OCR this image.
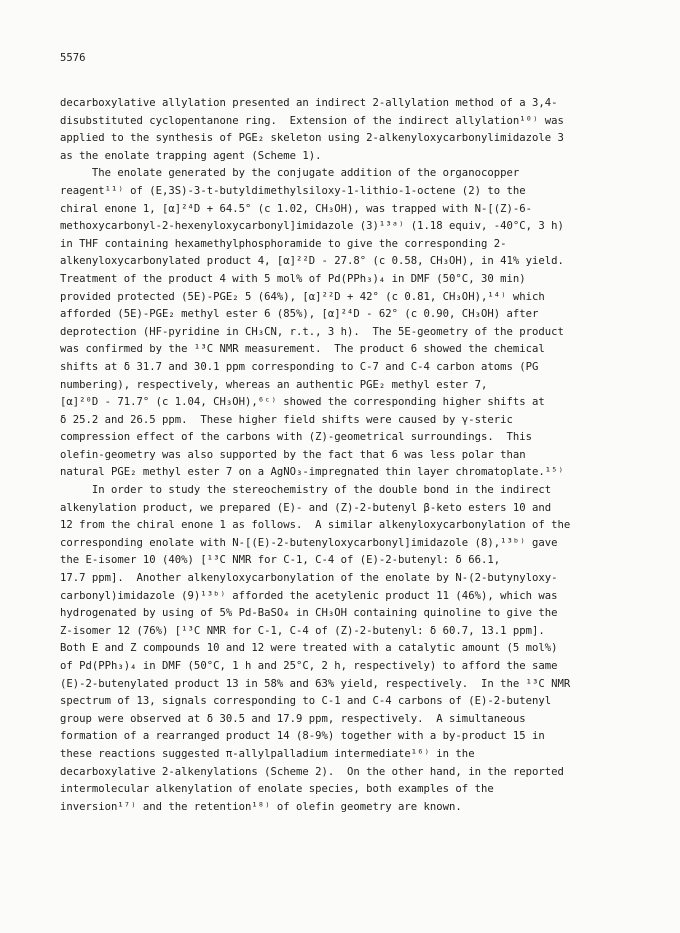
5576
decarboxylative allylation presented an indirect 2-allylation method of a 3,4-
disubstituted cyclopentanone ring.  Extension of the indirect allylation¹⁰⁾ was
applied to the synthesis of PGE₂ skeleton using 2-alkenyloxycarbonylimidazole 3
as the enolate trapping agent (Scheme 1).
The enolate generated by the conjugate addition of the organocopper
reagent¹¹⁾ of (E,3S)-3-t-butyldimethylsiloxy-1-lithio-1-octene (2) to the
chiral enone 1, [α]²⁴D + 64.5° (c 1.02, CH₃OH), was trapped with N-[(Z)-6-
methoxycarbonyl-2-hexenyloxycarbonyl]imidazole (3)¹³ᵃ⁾ (1.18 equiv, -40°C, 3 h)
in THF containing hexamethylphosphoramide to give the corresponding 2-
alkenyloxycarbonylated product 4, [α]²²D - 27.8° (c 0.58, CH₃OH), in 41% yield.
Treatment of the product 4 with 5 mol% of Pd(PPh₃)₄ in DMF (50°C, 30 min)
provided protected (5E)-PGE₂ 5 (64%), [α]²²D + 42° (c 0.81, CH₃OH),¹⁴⁾ which
afforded (5E)-PGE₂ methyl ester 6 (85%), [α]²⁴D - 62° (c 0.90, CH₃OH) after
deprotection (HF-pyridine in CH₃CN, r.t., 3 h).  The 5E-geometry of the product
was confirmed by the ¹³C NMR measurement.  The product 6 showed the chemical
shifts at δ 31.7 and 30.1 ppm corresponding to C-7 and C-4 carbon atoms (PG
numbering), respectively, whereas an authentic PGE₂ methyl ester 7,
[α]²⁰D - 71.7° (c 1.04, CH₃OH),⁶ᶜ⁾ showed the corresponding higher shifts at
δ 25.2 and 26.5 ppm.  These higher field shifts were caused by γ-steric
compression effect of the carbons with (Z)-geometrical surroundings.  This
olefin-geometry was also supported by the fact that 6 was less polar than
natural PGE₂ methyl ester 7 on a AgNO₃-impregnated thin layer chromatoplate.¹⁵⁾
In order to study the stereochemistry of the double bond in the indirect
alkenylation product, we prepared (E)- and (Z)-2-butenyl β-keto esters 10 and
12 from the chiral enone 1 as follows.  A similar alkenyloxycarbonylation of the
corresponding enolate with N-[(E)-2-butenyloxycarbonyl]imidazole (8),¹³ᵇ⁾ gave
the E-isomer 10 (40%) [¹³C NMR for C-1, C-4 of (E)-2-butenyl: δ 66.1,
17.7 ppm].  Another alkenyloxycarbonylation of the enolate by N-(2-butynyloxy-
carbonyl)imidazole (9)¹³ᵇ⁾ afforded the acetylenic product 11 (46%), which was
hydrogenated by using of 5% Pd-BaSO₄ in CH₃OH containing quinoline to give the
Z-isomer 12 (76%) [¹³C NMR for C-1, C-4 of (Z)-2-butenyl: δ 60.7, 13.1 ppm].
Both E and Z compounds 10 and 12 were treated with a catalytic amount (5 mol%)
of Pd(PPh₃)₄ in DMF (50°C, 1 h and 25°C, 2 h, respectively) to afford the same
(E)-2-butenylated product 13 in 58% and 63% yield, respectively.  In the ¹³C NMR
spectrum of 13, signals corresponding to C-1 and C-4 carbons of (E)-2-butenyl
group were observed at δ 30.5 and 17.9 ppm, respectively.  A simultaneous
formation of a rearranged product 14 (8-9%) together with a by-product 15 in
these reactions suggested π-allylpalladium intermediate¹⁶⁾ in the
decarboxylative 2-alkenylations (Scheme 2).  On the other hand, in the reported
intermolecular alkenylation of enolate species, both examples of the
inversion¹⁷⁾ and the retention¹⁸⁾ of olefin geometry are known.
